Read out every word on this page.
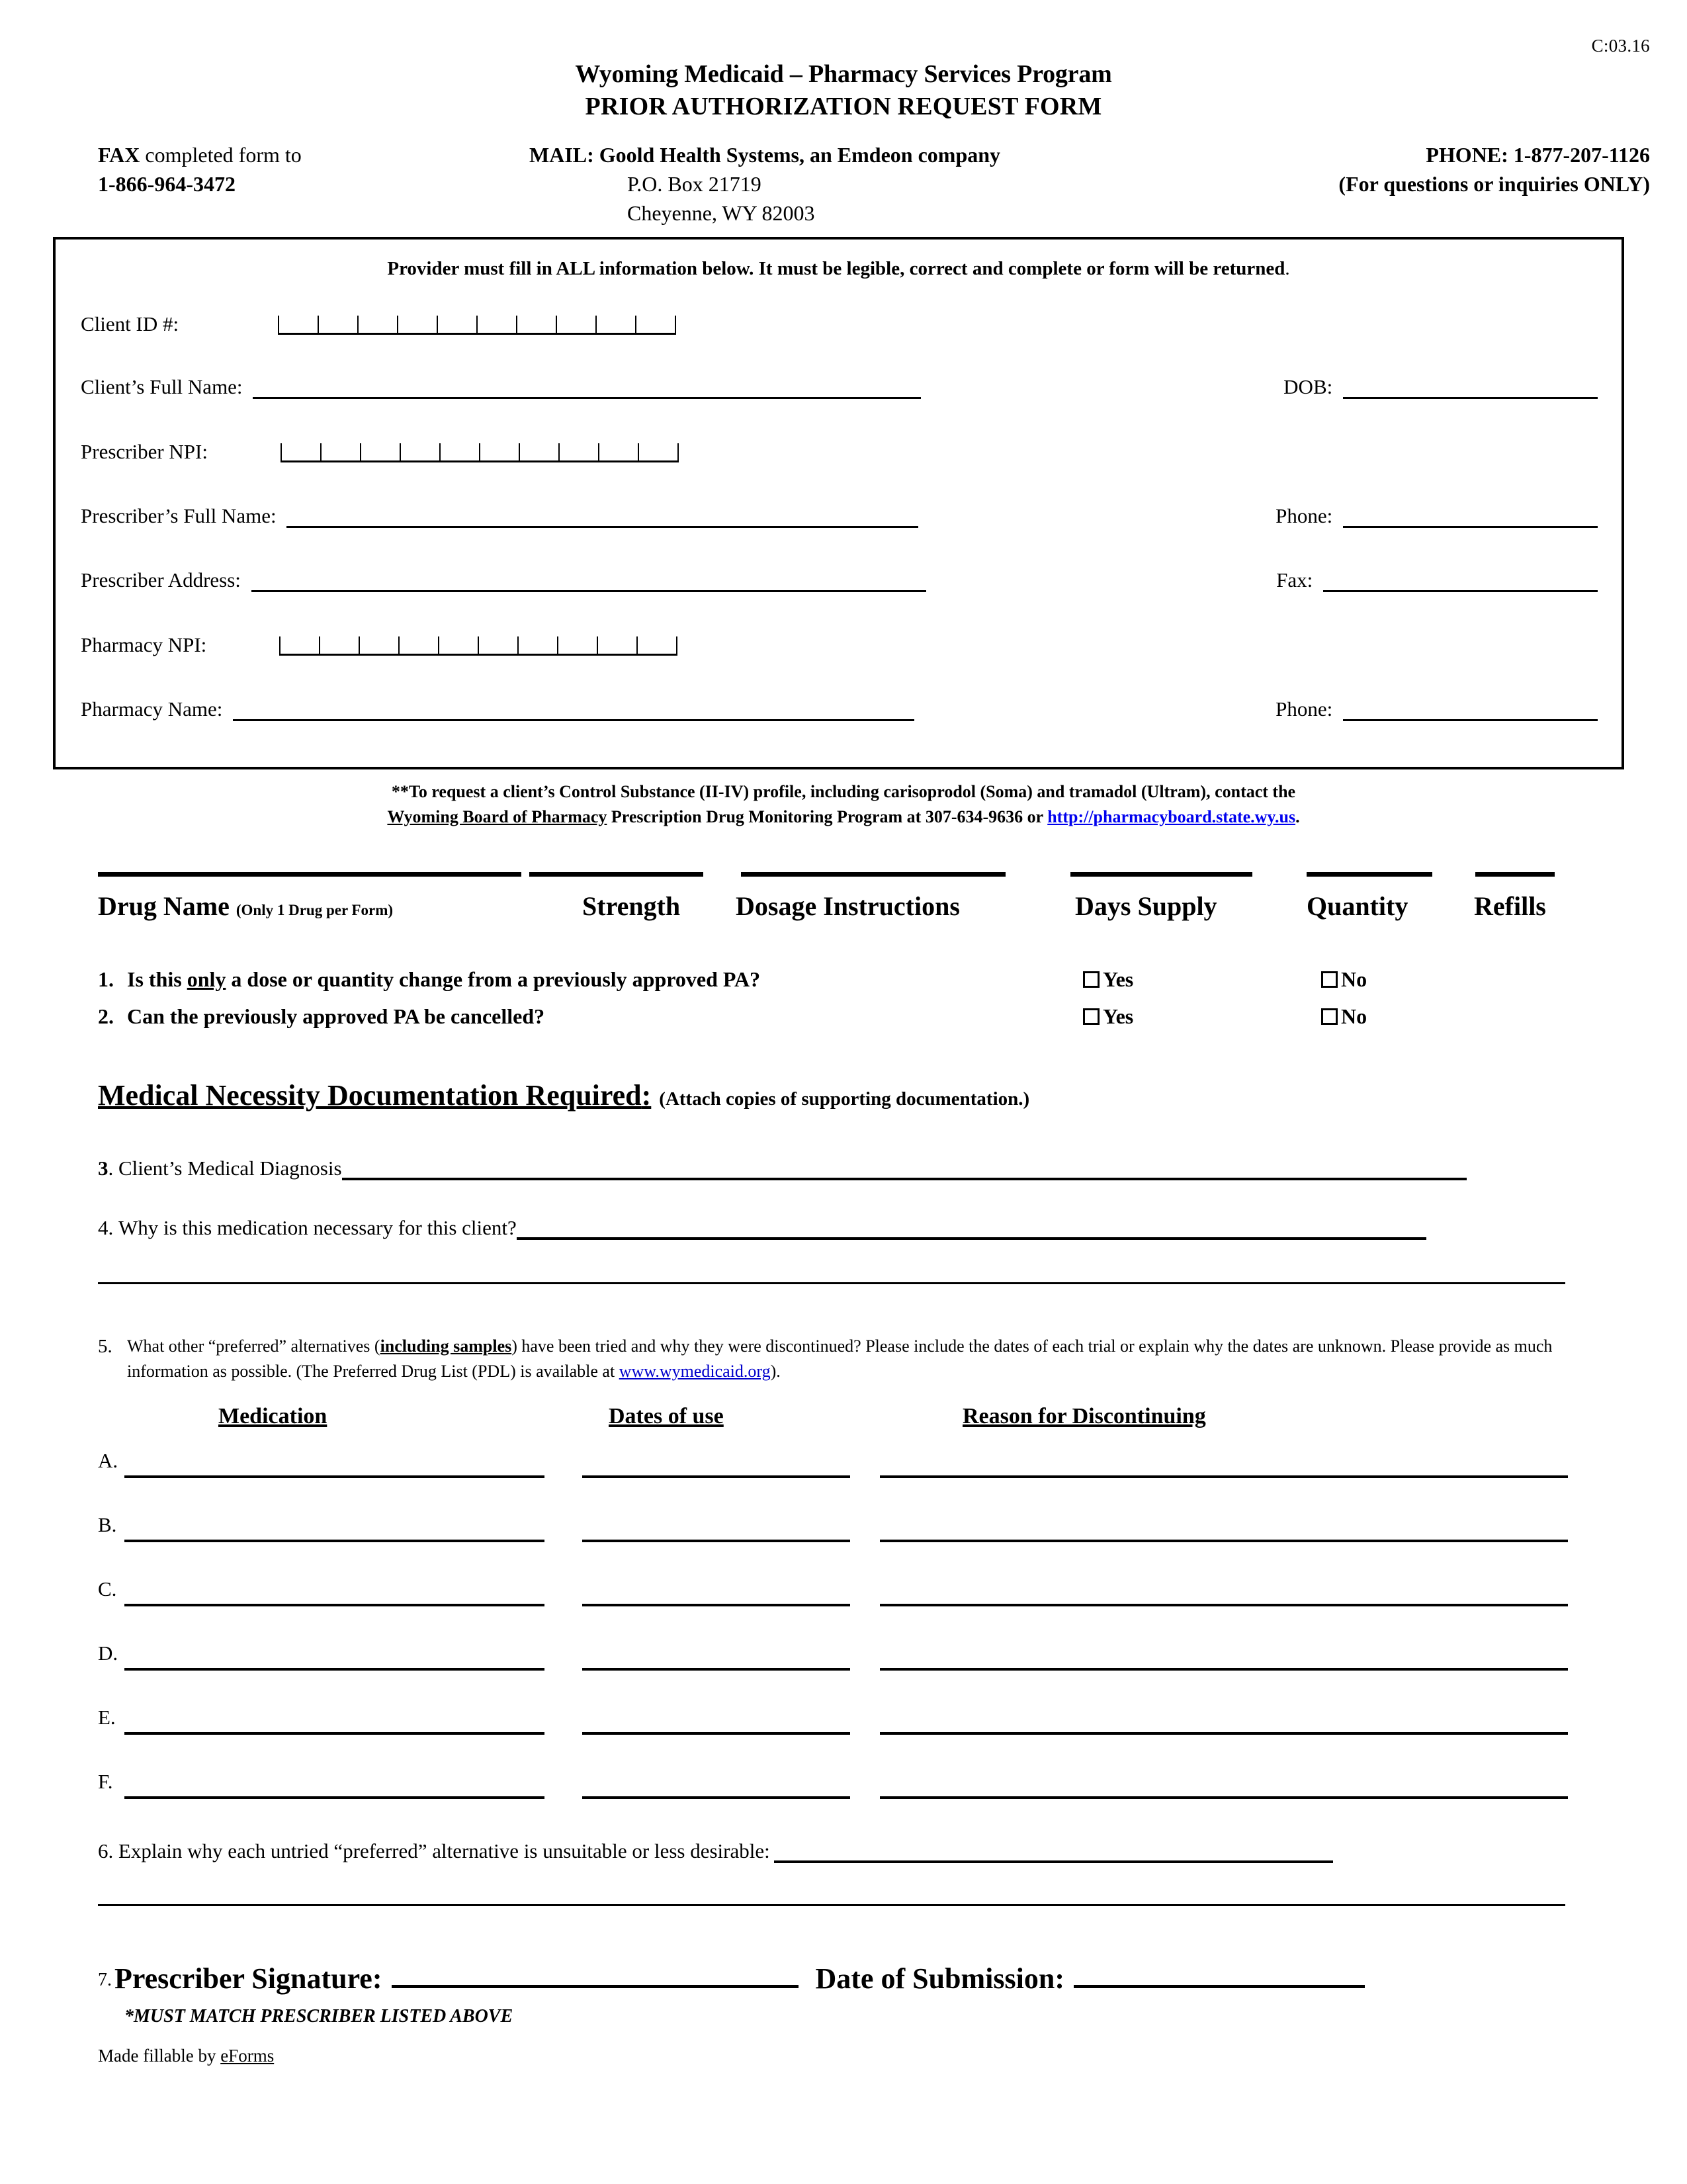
C:03.16
Wyoming Medicaid – Pharmacy Services Program
PRIOR AUTHORIZATION REQUEST FORM
FAX completed form to
1-866-964-3472
MAIL: Goold Health Systems, an Emdeon company
P.O. Box 21719
Cheyenne, WY 82003
PHONE: 1-877-207-1126
(For questions or inquiries ONLY)
Provider must fill in ALL information below. It must be legible, correct and complete or form will be returned.
Client ID #:
Client’s Full Name:	DOB:
Prescriber NPI:
Prescriber’s Full Name:	Phone:
Prescriber Address:	Fax:
Pharmacy NPI:
Pharmacy Name:	Phone:
**To request a client’s Control Substance (II-IV) profile, including carisoprodol (Soma) and tramadol (Ultram), contact the
Wyoming Board of Pharmacy Prescription Drug Monitoring Program at 307-634-9636 or http://pharmacyboard.state.wy.us.
Drug Name (Only 1 Drug per Form)	Strength Dosage Instructions	Days Supply	Quantity Refills
1. Is this only a dose or quantity change from a previously approved PA?	Yes	No
2. Can the previously approved PA be cancelled?	Yes	No
Medical Necessity Documentation Required: (Attach copies of supporting documentation.)
3. Client’s Medical Diagnosis
4. Why is this medication necessary for this client?
5. What other “preferred” alternatives (including samples) have been tried and why they were discontinued? Please include the dates of each trial or explain why the dates are unknown. Please provide as much information as possible. (The Preferred Drug List (PDL) is available at www.wymedicaid.org).
Medication	Dates of use	Reason for Discontinuing
A.
B.
C.
D.
E.
F.
6. Explain why each untried “preferred” alternative is unsuitable or less desirable:
7. Prescriber Signature:	Date of Submission:
*MUST MATCH PRESCRIBER LISTED ABOVE
Made fillable by eForms
